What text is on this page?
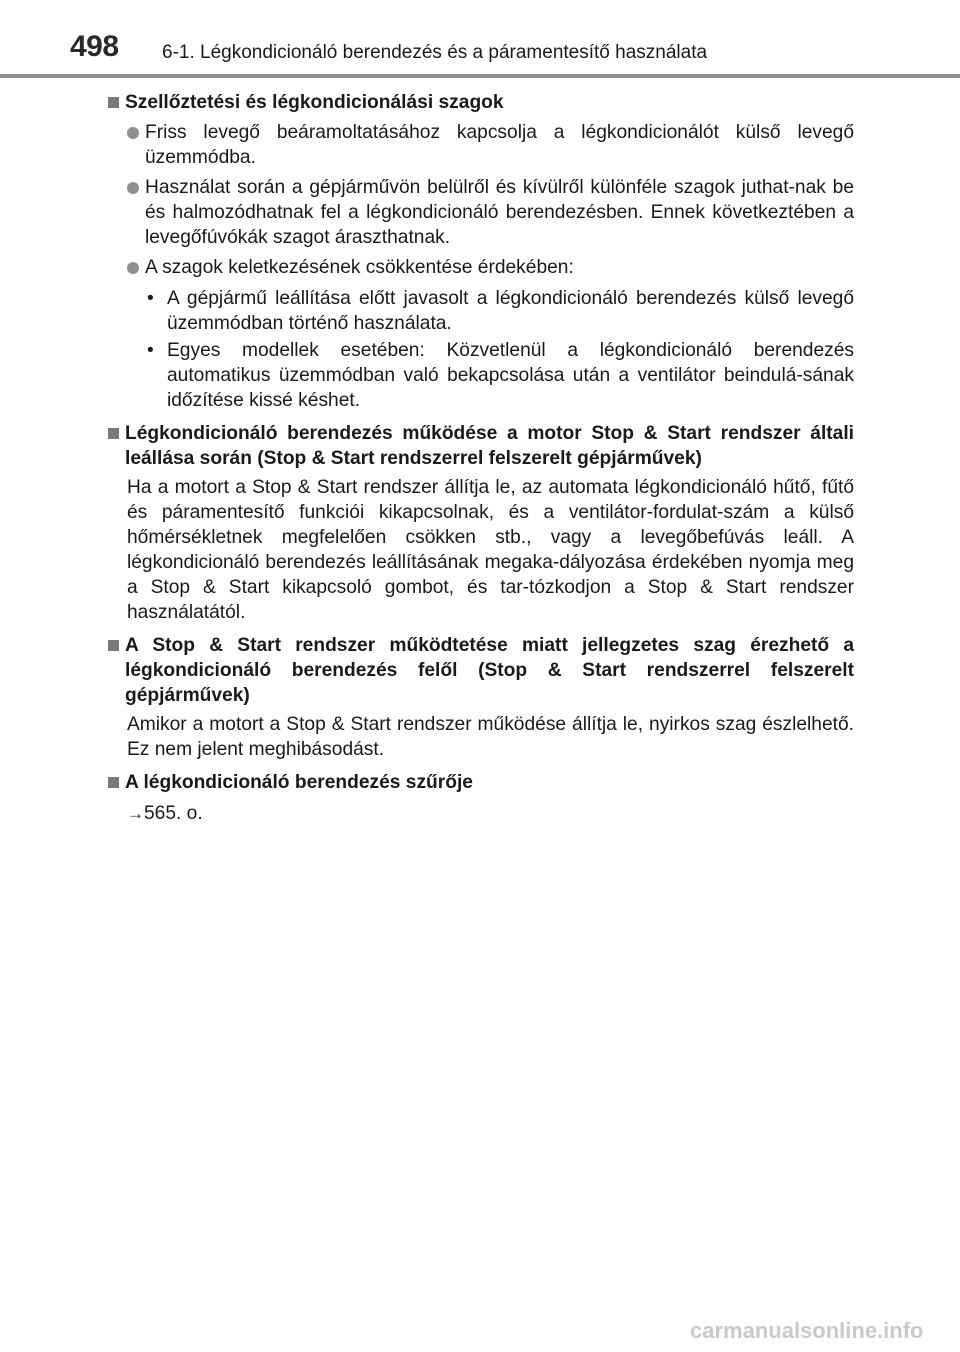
498 6-1. Légkondicionáló berendezés és a páramentesítő használata
Szellőztetési és légkondicionálási szagok
Friss levegő beáramoltatásához kapcsolja a légkondicionálót külső levegő üzemmódba.
Használat során a gépjárművön belülről és kívülről különféle szagok juthat-nak be és halmozódhatnak fel a légkondicionáló berendezésben. Ennek következtében a levegőfúvókák szagot áraszthatnak.
A szagok keletkezésének csökkentése érdekében:
• A gépjármű leállítása előtt javasolt a légkondicionáló berendezés külső levegő üzemmódban történő használata.
• Egyes modellek esetében: Közvetlenül a légkondicionáló berendezés automatikus üzemmódban való bekapcsolása után a ventilátor beindulá-sának időzítése kissé késhet.
Légkondicionáló berendezés működése a motor Stop & Start rendszer általi leállása során (Stop & Start rendszerrel felszerelt gépjárművek)
Ha a motort a Stop & Start rendszer állítja le, az automata légkondicionáló hűtő, fűtő és páramentesítő funkciói kikapcsolnak, és a ventilátor-fordulat-szám a külső hőmérsékletnek megfelelően csökken stb., vagy a levegőbefúvás leáll. A légkondicionáló berendezés leállításának megaka-dályozása érdekében nyomja meg a Stop & Start kikapcsoló gombot, és tar-tózkodjon a Stop & Start rendszer használatától.
A Stop & Start rendszer működtetése miatt jellegzetes szag érezhető a légkondicionáló berendezés felől (Stop & Start rendszerrel felszerelt gépjárművek)
Amikor a motort a Stop & Start rendszer működése állítja le, nyirkos szag észlelhető. Ez nem jelent meghibásodást.
A légkondicionáló berendezés szűrője
→565. o.
carmanualsonline.info
